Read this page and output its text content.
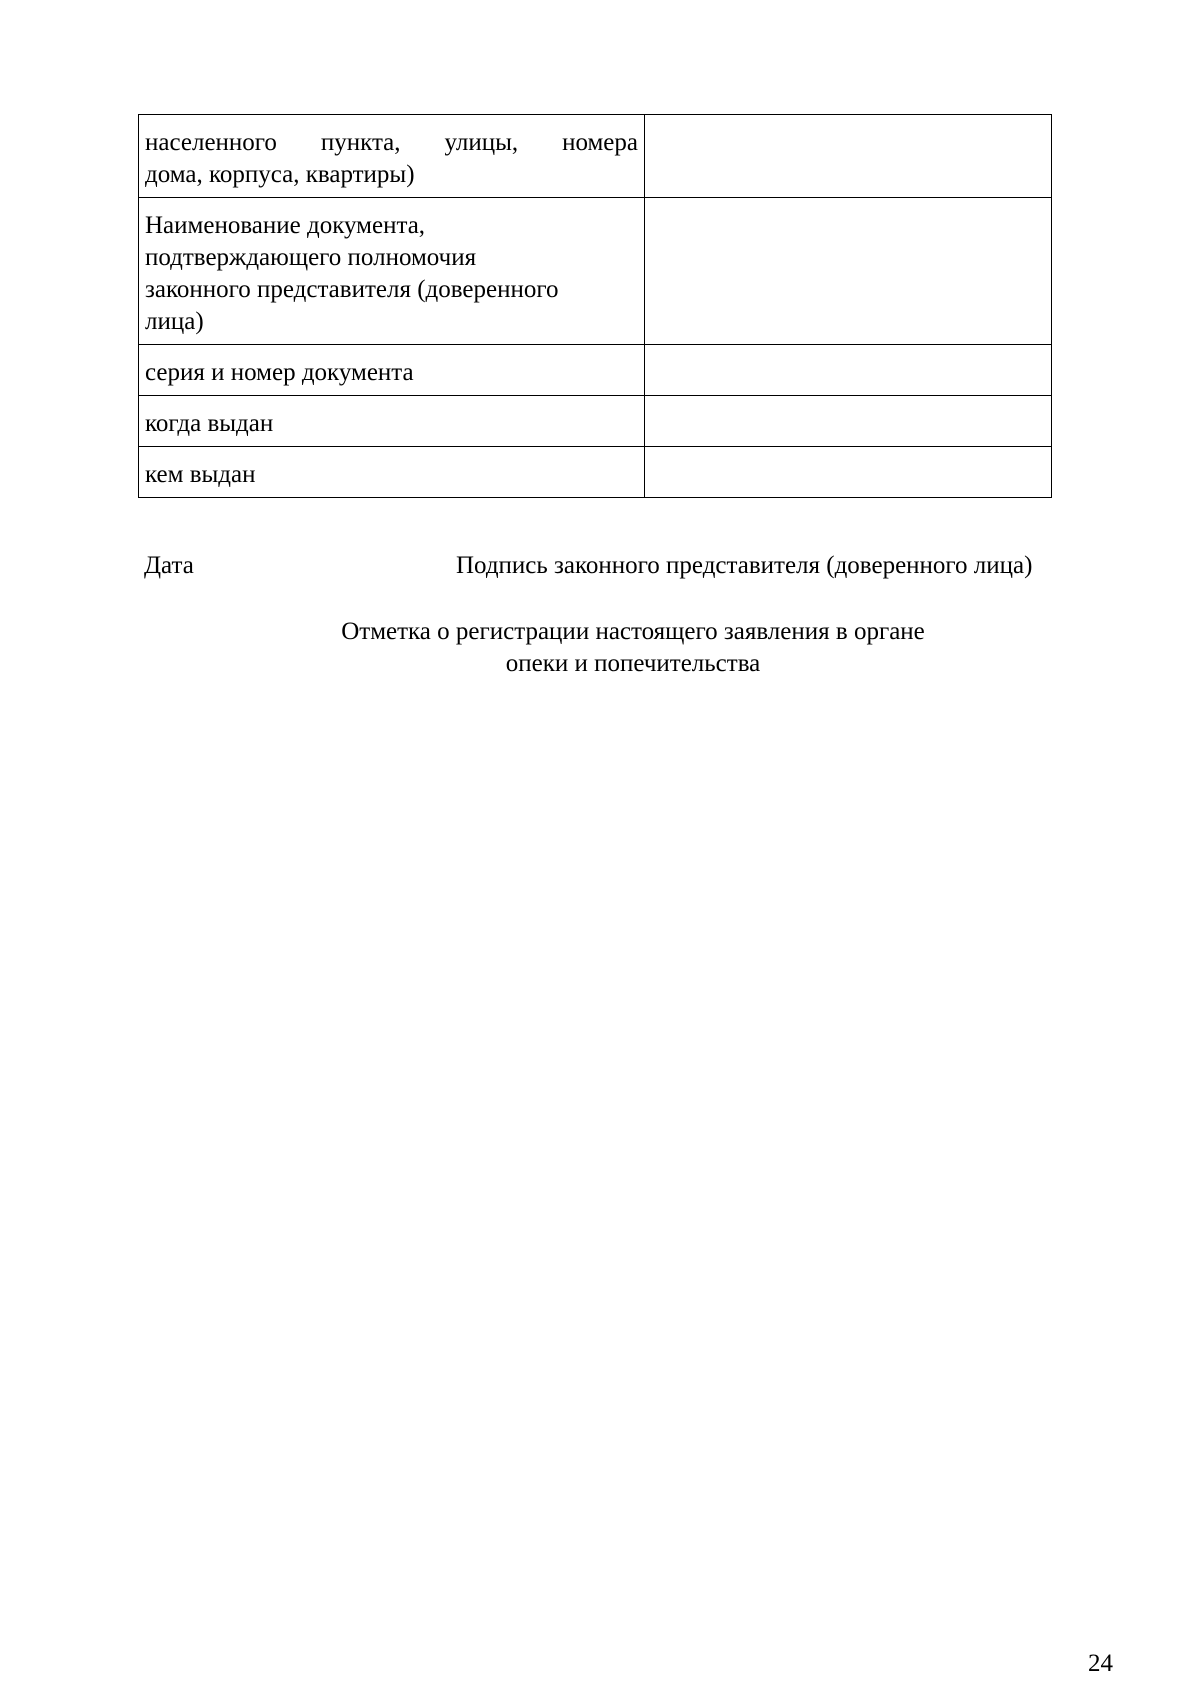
населенного пункта, улицы, номера
дома, корпуса, квартиры)	

Наименование документа,
подтверждающего полномочия
законного представителя (доверенного
лица)	

серия и номер документа	

когда выдан	

кем выдан	

Дата	Подпись законного представителя (доверенного лица)
Отметка о регистрации настоящего заявления в органе
опеки и попечительства
24
